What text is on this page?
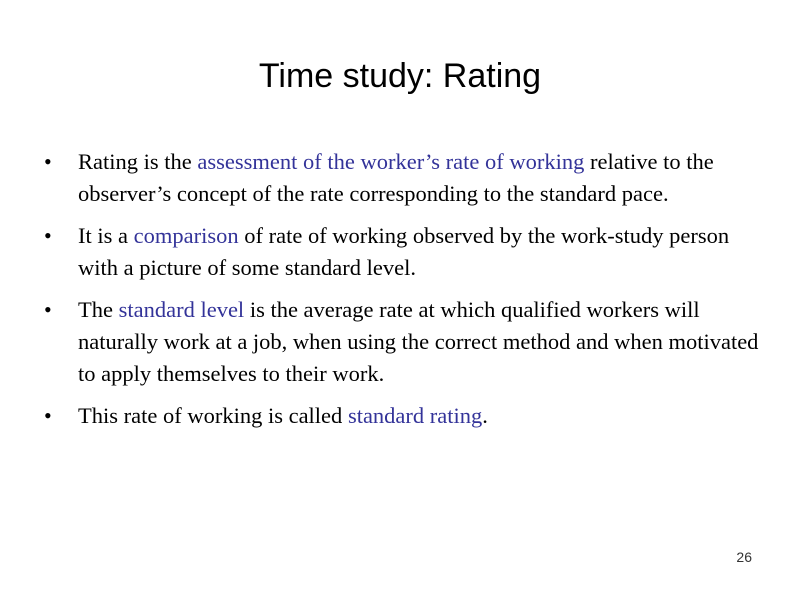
Time study: Rating
• Rating is the assessment of the worker’s rate of working relative to the observer’s concept of the rate corresponding to the standard pace.
• It is a comparison of rate of working observed by the work-study person with a picture of some standard level.
• The standard level is the average rate at which qualified workers will naturally work at a job, when using the correct method and when motivated to apply themselves to their work.
• This rate of working is called standard rating.
26
